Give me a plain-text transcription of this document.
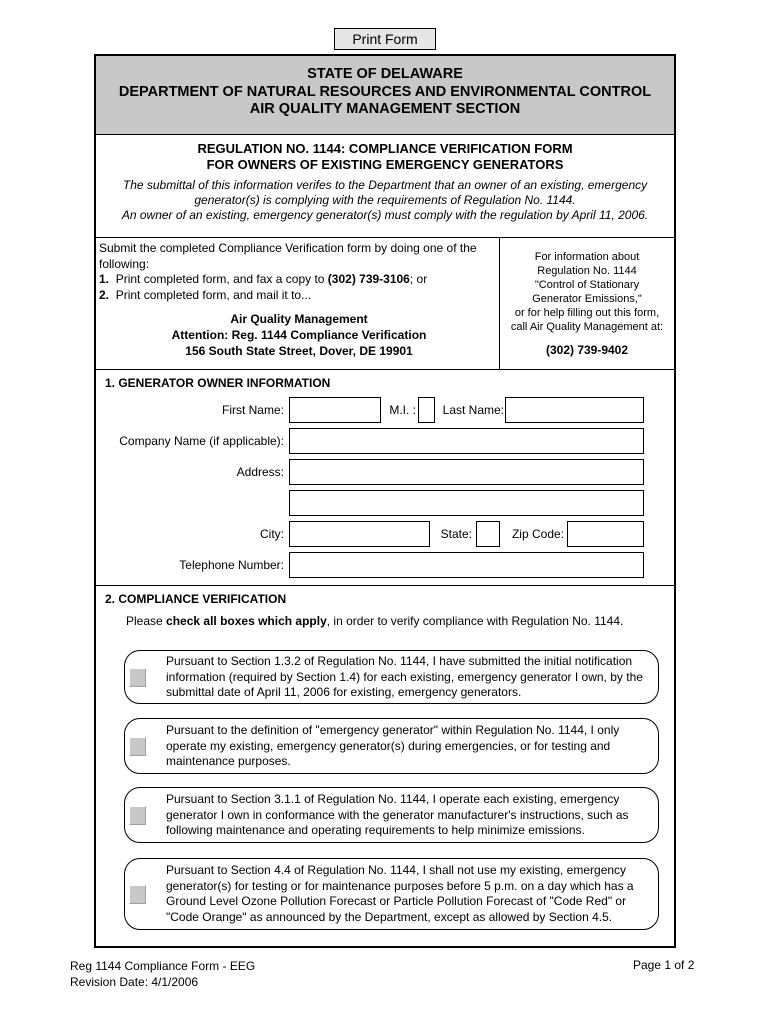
Print Form
STATE OF DELAWARE
DEPARTMENT OF NATURAL RESOURCES AND ENVIRONMENTAL CONTROL
AIR QUALITY MANAGEMENT SECTION
REGULATION NO. 1144: COMPLIANCE VERIFICATION FORM
FOR OWNERS OF EXISTING EMERGENCY GENERATORS
The submittal of this information verifes to the Department that an owner of an existing, emergency generator(s) is complying with the requirements of Regulation No. 1144.
An owner of an existing, emergency generator(s) must comply with the regulation by April 11, 2006.
Submit the completed Compliance Verification form by doing one of the following:
1. Print completed form, and fax a copy to (302) 739-3106; or
2. Print completed form, and mail it to...
Air Quality Management
Attention: Reg. 1144 Compliance Verification
156 South State Street, Dover, DE 19901
For information about
Regulation No. 1144
"Control of Stationary
Generator Emissions,"
or for help filling out this form,
call Air Quality Management at:
(302) 739-9402
1. GENERATOR OWNER INFORMATION
First Name:	M.I. :	Last Name:
Company Name (if applicable):
Address:
City:	State:	Zip Code:
Telephone Number:
2. COMPLIANCE VERIFICATION
Please check all boxes which apply, in order to verify compliance with Regulation No. 1144.
Pursuant to Section 1.3.2 of Regulation No. 1144, I have submitted the initial notification information (required by Section 1.4) for each existing, emergency generator I own, by the submittal date of April 11, 2006 for existing, emergency generators.
Pursuant to the definition of "emergency generator" within Regulation No. 1144, I only operate my existing, emergency generator(s) during emergencies, or for testing and maintenance purposes.
Pursuant to Section 3.1.1 of Regulation No. 1144, I operate each existing, emergency generator I own in conformance with the generator manufacturer's instructions, such as following maintenance and operating requirements to help minimize emissions.
Pursuant to Section 4.4 of Regulation No. 1144, I shall not use my existing, emergency generator(s) for testing or for maintenance purposes before 5 p.m. on a day which has a Ground Level Ozone Pollution Forecast or Particle Pollution Forecast of "Code Red" or "Code Orange" as announced by the Department, except as allowed by Section 4.5.
Reg 1144 Compliance Form - EEG
Revision Date: 4/1/2006
Page 1 of 2
